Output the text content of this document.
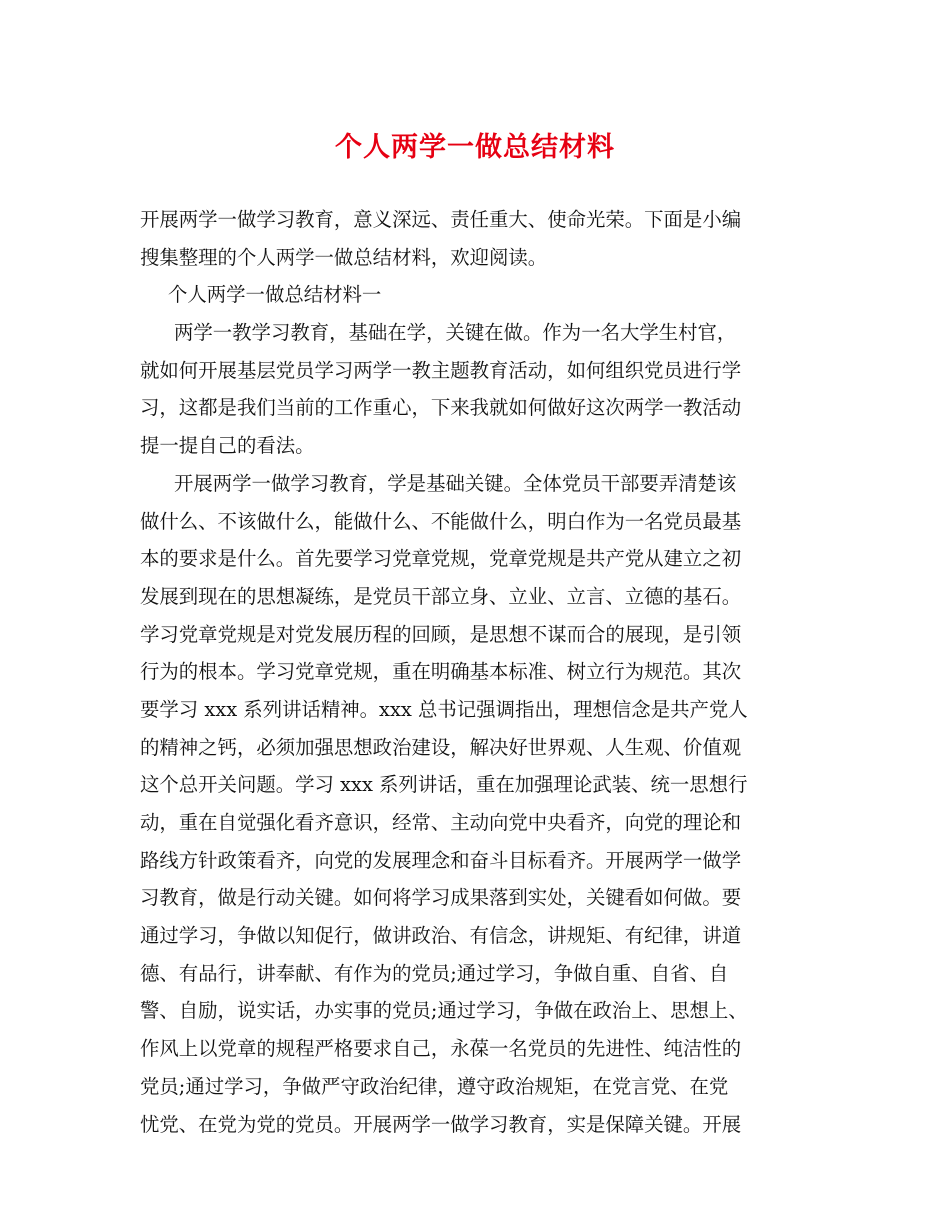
个人两学一做总结材料
开展两学一做学习教育，意义深远、责任重大、使命光荣。下面是小编
搜集整理的个人两学一做总结材料，欢迎阅读。
个人两学一做总结材料一
两学一教学习教育，基础在学，关键在做。作为一名大学生村官，
就如何开展基层党员学习两学一教主题教育活动，如何组织党员进行学
习，这都是我们当前的工作重心，下来我就如何做好这次两学一教活动
提一提自己的看法。
开展两学一做学习教育，学是基础关键。全体党员干部要弄清楚该
做什么、不该做什么，能做什么、不能做什么，明白作为一名党员最基
本的要求是什么。首先要学习党章党规，党章党规是共产党从建立之初
发展到现在的思想凝练，是党员干部立身、立业、立言、立德的基石。
学习党章党规是对党发展历程的回顾，是思想不谋而合的展现，是引领
行为的根本。学习党章党规，重在明确基本标准、树立行为规范。其次
要学习 xxx 系列讲话精神。xxx 总书记强调指出，理想信念是共产党人
的精神之钙，必须加强思想政治建设，解决好世界观、人生观、价值观
这个总开关问题。学习 xxx 系列讲话，重在加强理论武装、统一思想行
动，重在自觉强化看齐意识，经常、主动向党中央看齐，向党的理论和
路线方针政策看齐，向党的发展理念和奋斗目标看齐。开展两学一做学
习教育，做是行动关键。如何将学习成果落到实处，关键看如何做。要
通过学习，争做以知促行，做讲政治、有信念，讲规矩、有纪律，讲道
德、有品行，讲奉献、有作为的党员;通过学习，争做自重、自省、自
警、自励，说实话，办实事的党员;通过学习，争做在政治上、思想上、
作风上以党章的规程严格要求自己，永葆一名党员的先进性、纯洁性的
党员;通过学习，争做严守政治纪律，遵守政治规矩，在党言党、在党
忧党、在党为党的党员。开展两学一做学习教育，实是保障关键。开展
